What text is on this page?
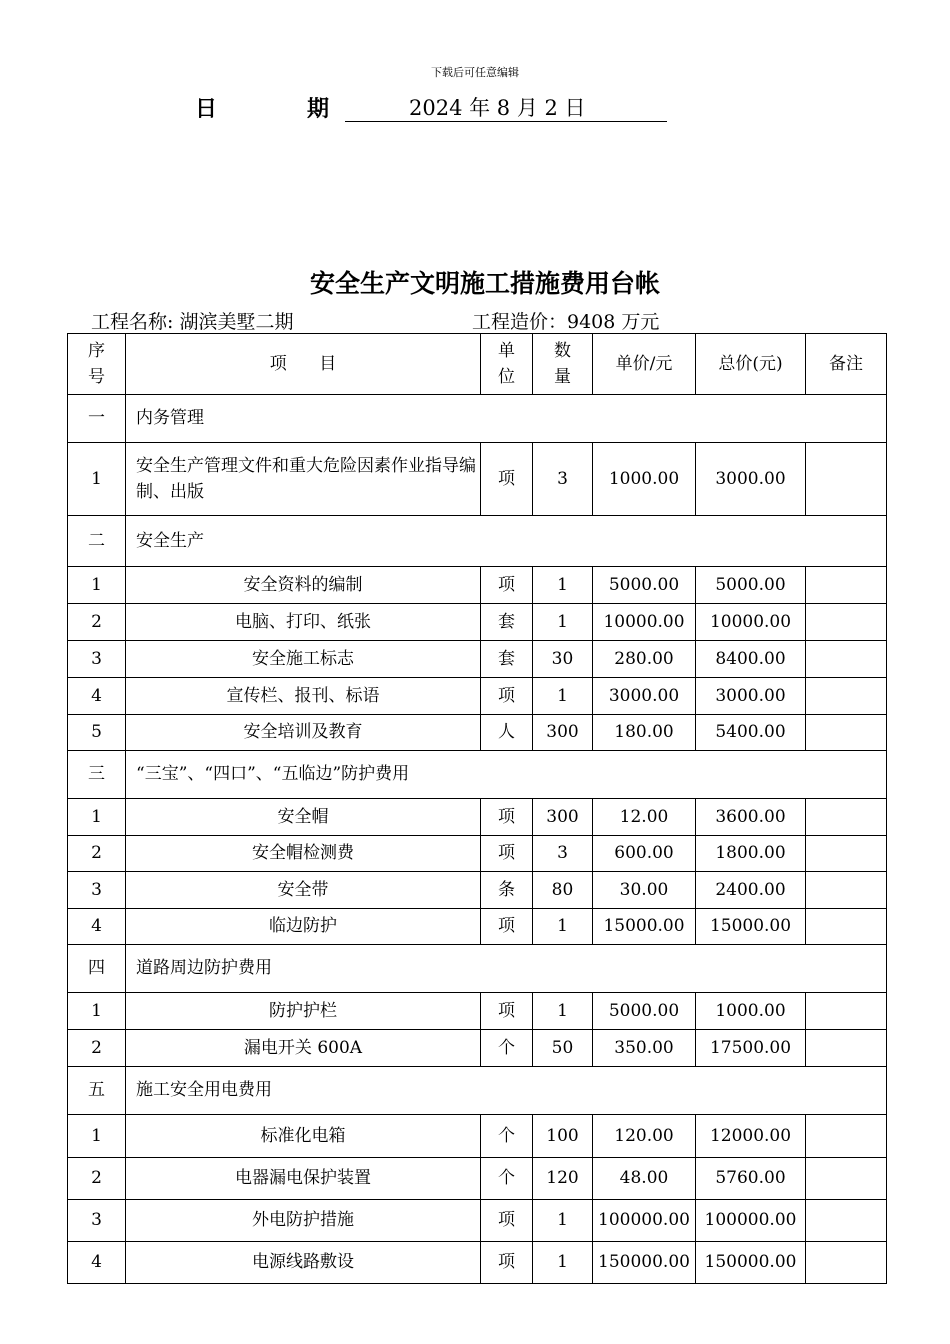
下载后可任意编辑
日	期	2024 年 8 月 2 日
安全生产文明施工措施费用台帐
工程名称: 湖滨美墅二期	工程造价：9408 万元
序号	项      目	单位	数量	单价/元	总价(元)	备注
一	内务管理					
1	安全生产管理文件和重大危险因素作业指导编制、出版	项	3	1000.00	3000.00	
二	安全生产					
1	安全资料的编制	项	1	5000.00	5000.00	
2	电脑、打印、纸张	套	1	10000.00	10000.00	
3	安全施工标志	套	30	280.00	8400.00	
4	宣传栏、报刊、标语	项	1	3000.00	3000.00	
5	安全培训及教育	人	300	180.00	5400.00	
三	“三宝”、“四口”、“五临边”防护费用					
1	安全帽	项	300	12.00	3600.00	
2	安全帽检测费	项	3	600.00	1800.00	
3	安全带	条	80	30.00	2400.00	
4	临边防护	项	1	15000.00	15000.00	
四	道路周边防护费用					
1	防护护栏	项	1	5000.00	1000.00	
2	漏电开关 600A	个	50	350.00	17500.00	
五	施工安全用电费用					
1	标准化电箱	个	100	120.00	12000.00	
2	电器漏电保护装置	个	120	48.00	5760.00	
3	外电防护措施	项	1	100000.00	100000.00	
4	电源线路敷设	项	1	150000.00	150000.00	
